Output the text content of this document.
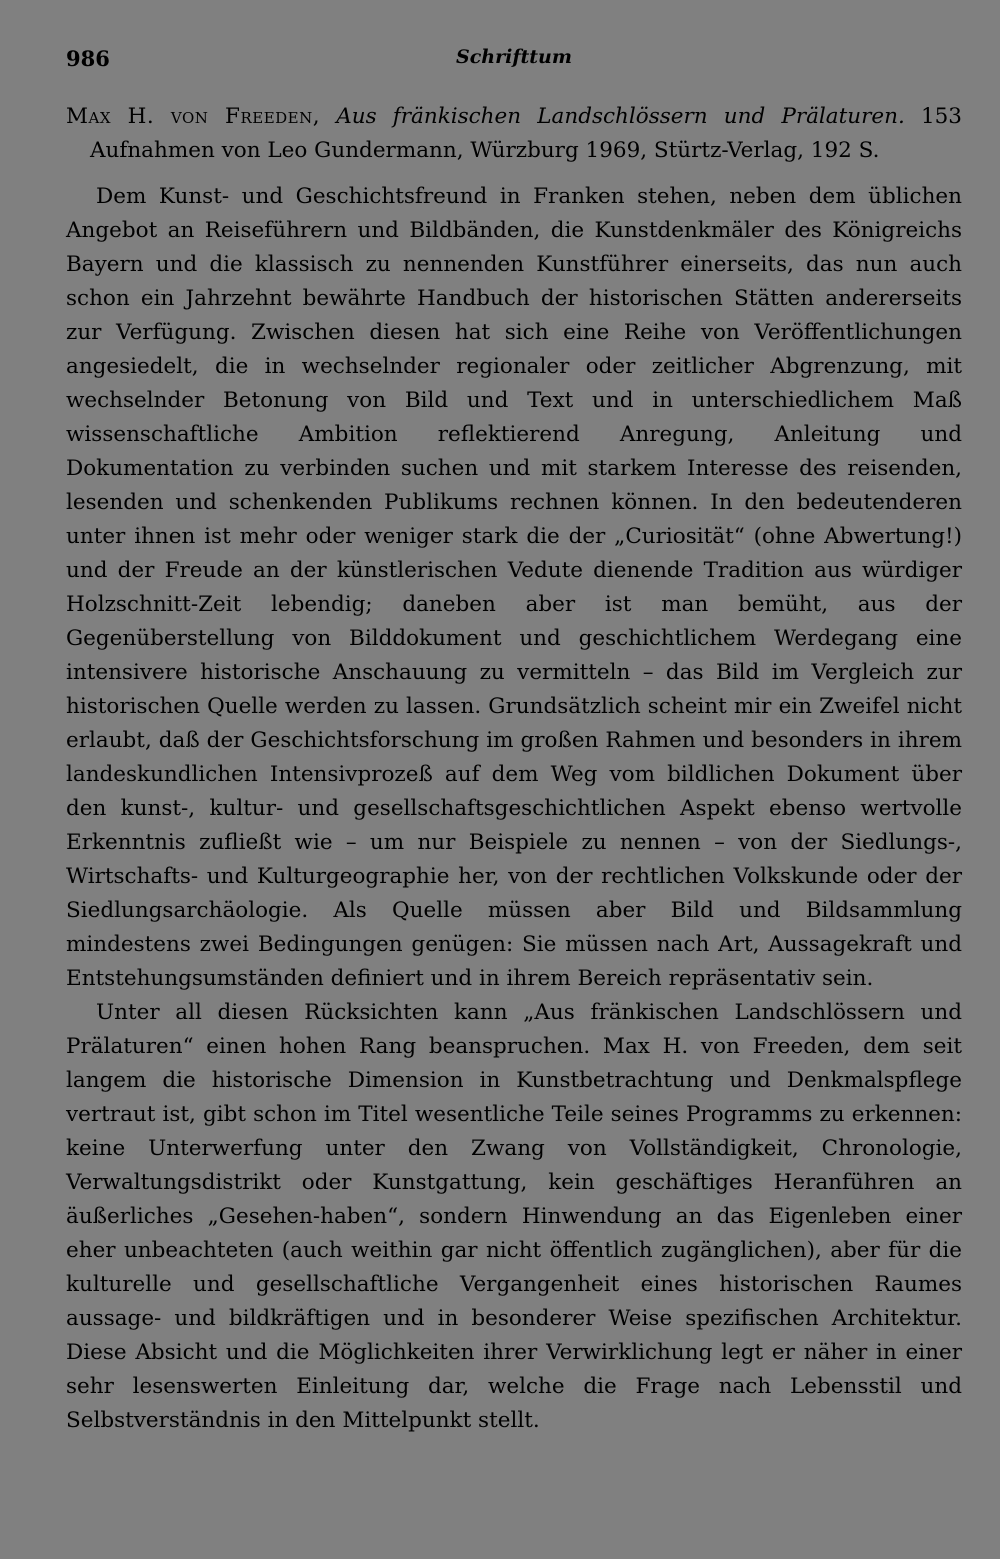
986	Schrifttum
Max H. von Freeden, Aus fränkischen Landschlössern und Prälaturen. 153 Aufnahmen von Leo Gundermann, Würzburg 1969, Stürtz-Verlag, 192 S.

Dem Kunst- und Geschichtsfreund in Franken stehen, neben dem üblichen Angebot an Reiseführern und Bildbänden, die Kunstdenkmäler des Königreichs Bayern und die klassisch zu nennenden Kunstführer einerseits, das nun auch schon ein Jahrzehnt bewährte Handbuch der historischen Stätten andererseits zur Verfügung. Zwischen diesen hat sich eine Reihe von Veröffentlichungen angesiedelt, die in wechselnder regionaler oder zeitlicher Abgrenzung, mit wechselnder Betonung von Bild und Text und in unterschiedlichem Maß wissenschaftliche Ambition reflektierend Anregung, Anleitung und Dokumentation zu verbinden suchen und mit starkem Interesse des reisenden, lesenden und schenkenden Publikums rechnen können. In den bedeutenderen unter ihnen ist mehr oder weniger stark die der „Curiosität“ (ohne Abwertung!) und der Freude an der künstlerischen Vedute dienende Tradition aus würdiger Holzschnitt-Zeit lebendig; daneben aber ist man bemüht, aus der Gegenüberstellung von Bilddokument und geschichtlichem Werdegang eine intensivere historische Anschauung zu vermitteln – das Bild im Vergleich zur historischen Quelle werden zu lassen. Grundsätzlich scheint mir ein Zweifel nicht erlaubt, daß der Geschichtsforschung im großen Rahmen und besonders in ihrem landeskundlichen Intensivprozeß auf dem Weg vom bildlichen Dokument über den kunst-, kultur- und gesellschaftsgeschichtlichen Aspekt ebenso wertvolle Erkenntnis zufließt wie – um nur Beispiele zu nennen – von der Siedlungs-, Wirtschafts- und Kulturgeographie her, von der rechtlichen Volkskunde oder der Siedlungsarchäologie. Als Quelle müssen aber Bild und Bildsammlung mindestens zwei Bedingungen genügen: Sie müssen nach Art, Aussagekraft und Entstehungsumständen definiert und in ihrem Bereich repräsentativ sein.

Unter all diesen Rücksichten kann „Aus fränkischen Landschlössern und Prälaturen“ einen hohen Rang beanspruchen. Max H. von Freeden, dem seit langem die historische Dimension in Kunstbetrachtung und Denkmalspflege vertraut ist, gibt schon im Titel wesentliche Teile seines Programms zu erkennen: keine Unterwerfung unter den Zwang von Vollständigkeit, Chronologie, Verwaltungsdistrikt oder Kunstgattung, kein geschäftiges Heranführen an äußerliches „Gesehen-haben“, sondern Hinwendung an das Eigenleben einer eher unbeachteten (auch weithin gar nicht öffentlich zugänglichen), aber für die kulturelle und gesellschaftliche Vergangenheit eines historischen Raumes aussage- und bildkräftigen und in besonderer Weise spezifischen Architektur. Diese Absicht und die Möglichkeiten ihrer Verwirklichung legt er näher in einer sehr lesenswerten Einleitung dar, welche die Frage nach Lebensstil und Selbstverständnis in den Mittelpunkt stellt.
